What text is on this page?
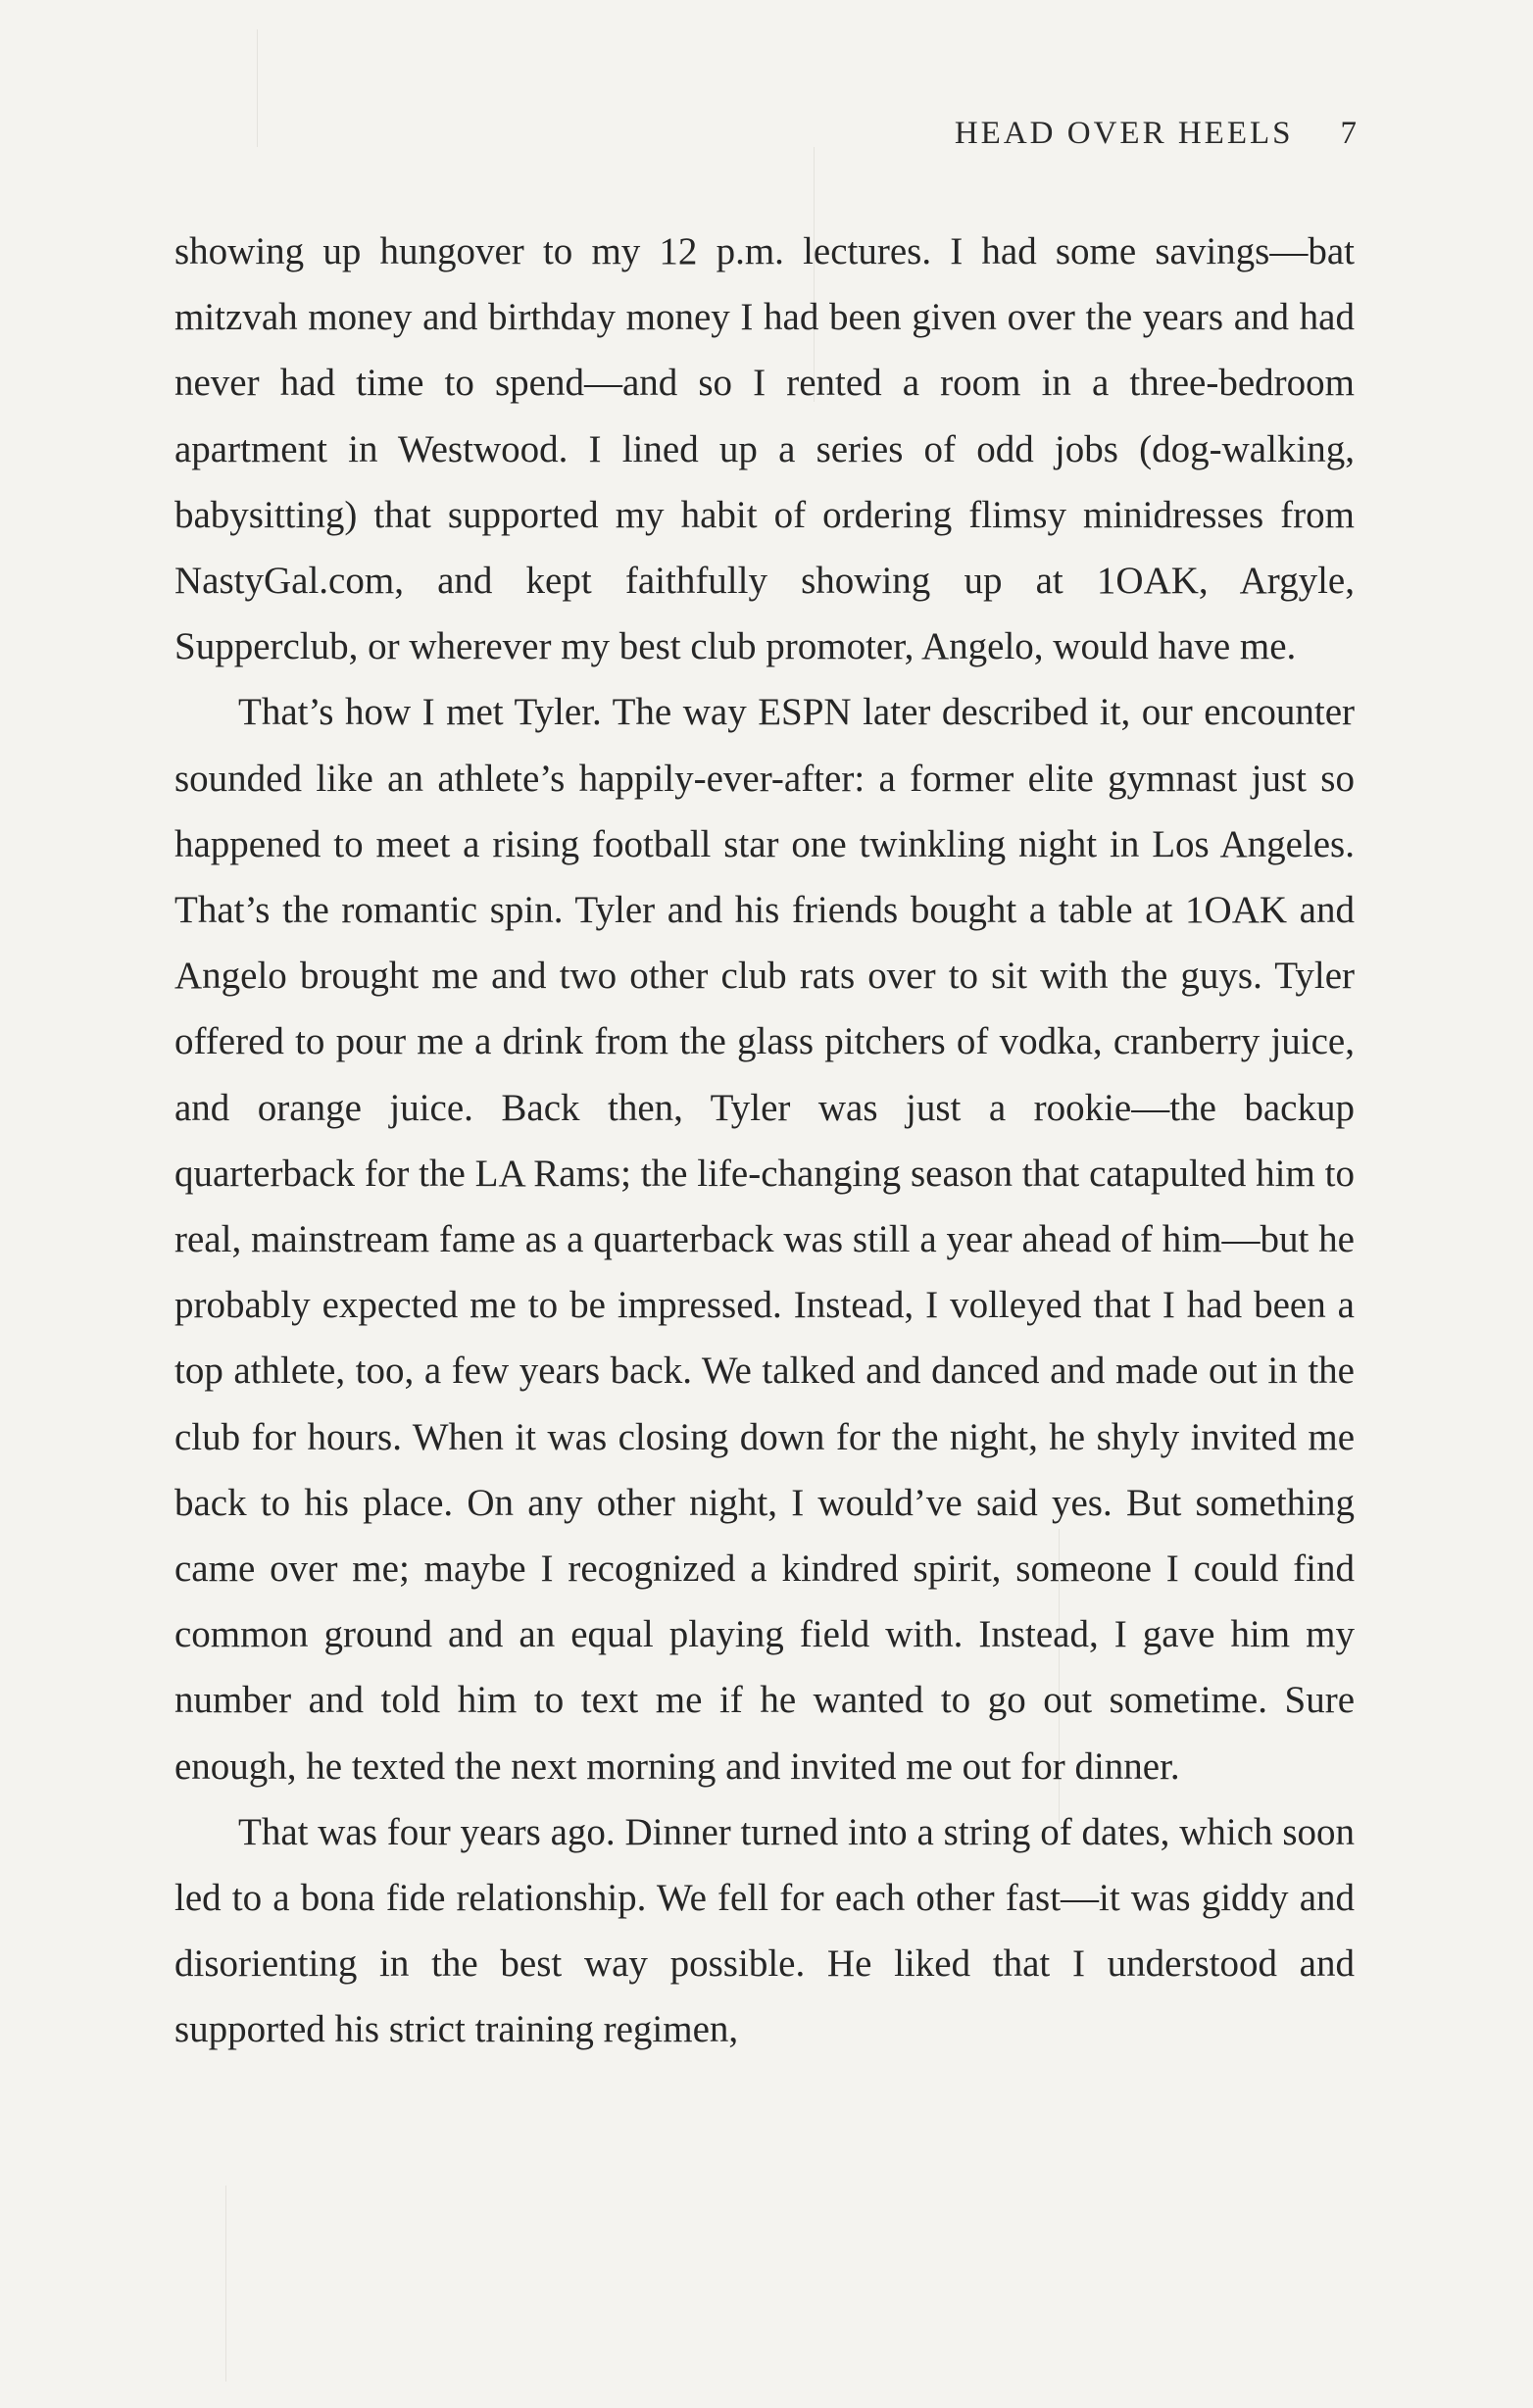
HEAD OVER HEELS 7

showing up hungover to my 12 p.m. lectures. I had some savings—bat mitzvah money and birthday money I had been given over the years and had never had time to spend—and so I rented a room in a three-bedroom apartment in Westwood. I lined up a series of odd jobs (dog-walking, babysitting) that supported my habit of ordering flimsy minidresses from NastyGal.com, and kept faithfully showing up at 1OAK, Argyle, Supperclub, or wherever my best club promoter, Angelo, would have me.

That’s how I met Tyler. The way ESPN later described it, our encounter sounded like an athlete’s happily-ever-after: a former elite gymnast just so happened to meet a rising football star one twinkling night in Los Angeles. That’s the romantic spin. Tyler and his friends bought a table at 1OAK and Angelo brought me and two other club rats over to sit with the guys. Tyler offered to pour me a drink from the glass pitchers of vodka, cranberry juice, and orange juice. Back then, Tyler was just a rookie—the backup quarterback for the LA Rams; the life-changing season that catapulted him to real, mainstream fame as a quarterback was still a year ahead of him—but he probably expected me to be impressed. Instead, I volleyed that I had been a top athlete, too, a few years back. We talked and danced and made out in the club for hours. When it was closing down for the night, he shyly invited me back to his place. On any other night, I would’ve said yes. But something came over me; maybe I recognized a kindred spirit, someone I could find common ground and an equal playing field with. Instead, I gave him my number and told him to text me if he wanted to go out sometime. Sure enough, he texted the next morning and invited me out for dinner.

That was four years ago. Dinner turned into a string of dates, which soon led to a bona fide relationship. We fell for each other fast—it was giddy and disorienting in the best way possible. He liked that I understood and supported his strict training regimen,
